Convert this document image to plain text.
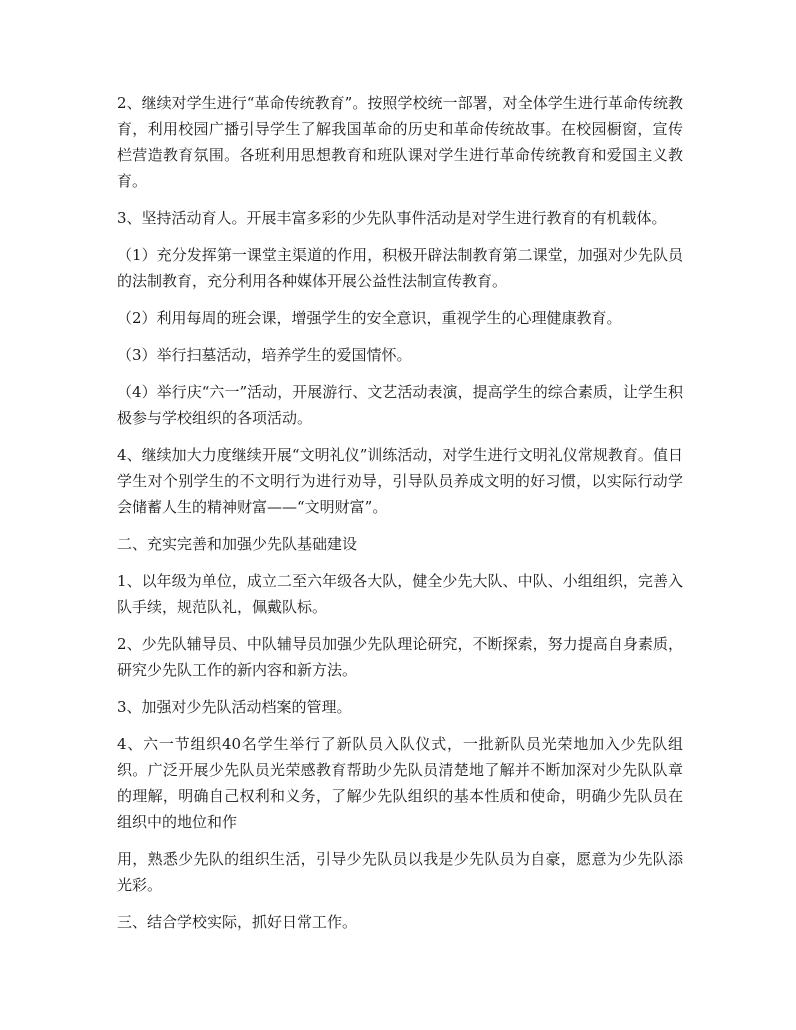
2、继续对学生进行“革命传统教育”。按照学校统一部署，对全体学生进行革命传统教育，利用校园广播引导学生了解我国革命的历史和革命传统故事。在校园橱窗，宣传栏营造教育氛围。各班利用思想教育和班队课对学生进行革命传统教育和爱国主义教育。

3、坚持活动育人。开展丰富多彩的少先队事件活动是对学生进行教育的有机载体。

（1）充分发挥第一课堂主渠道的作用，积极开辟法制教育第二课堂，加强对少先队员的法制教育，充分利用各种媒体开展公益性法制宣传教育。

（2）利用每周的班会课，增强学生的安全意识，重视学生的心理健康教育。

（3）举行扫墓活动，培养学生的爱国情怀。

（4）举行庆“六一”活动，开展游行、文艺活动表演，提高学生的综合素质，让学生积极参与学校组织的各项活动。

4、继续加大力度继续开展“文明礼仪”训练活动，对学生进行文明礼仪常规教育。值日学生对个别学生的不文明行为进行劝导，引导队员养成文明的好习惯，以实际行动学会储蓄人生的精神财富——“文明财富”。

二、充实完善和加强少先队基础建设

1、以年级为单位，成立二至六年级各大队，健全少先大队、中队、小组组织，完善入队手续，规范队礼，佩戴队标。

2、少先队辅导员、中队辅导员加强少先队理论研究，不断探索，努力提高自身素质，研究少先队工作的新内容和新方法。

3、加强对少先队活动档案的管理。

4、六一节组织40名学生举行了新队员入队仪式，一批新队员光荣地加入少先队组织。广泛开展少先队员光荣感教育帮助少先队员清楚地了解并不断加深对少先队队章的理解，明确自己权利和义务，了解少先队组织的基本性质和使命，明确少先队员在组织中的地位和作

用，熟悉少先队的组织生活，引导少先队员以我是少先队员为自豪，愿意为少先队添光彩。

三、结合学校实际，抓好日常工作。
